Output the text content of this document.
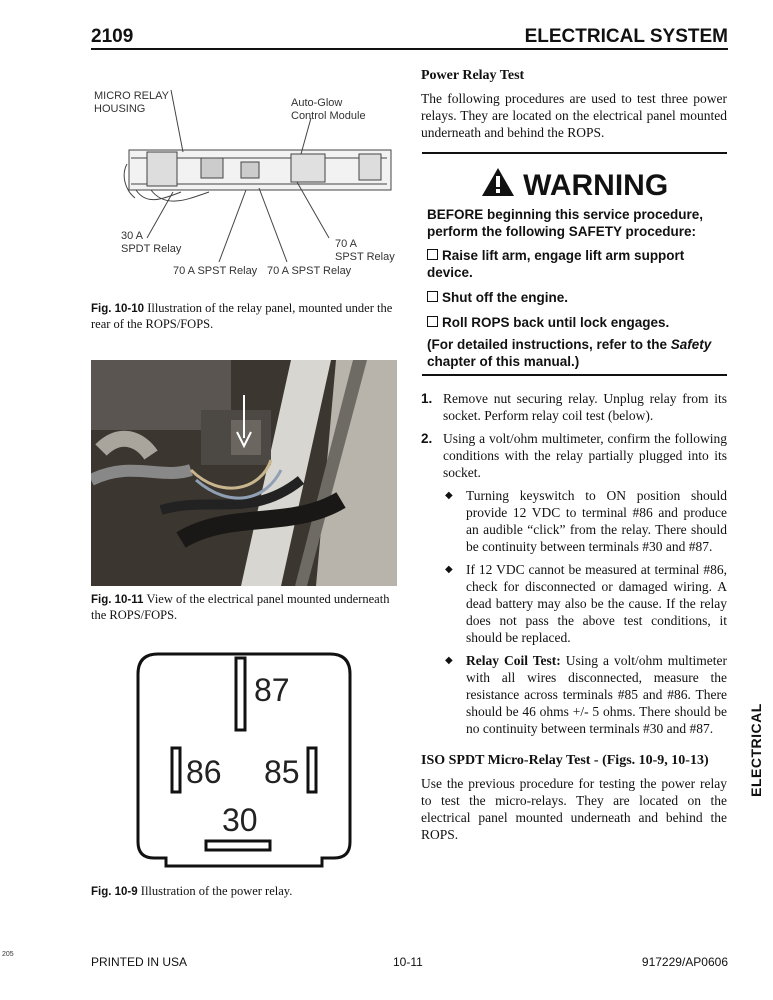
2109	ELECTRICAL SYSTEM
MICRO RELAY
HOUSING	Auto-Glow
Control Module
30 A
SPDT Relay	70 A
SPST Relay
70 A SPST Relay 70 A SPST Relay
Fig. 10-10 Illustration of the relay panel, mounted under the rear of the ROPS/FOPS.
Fig. 10-11 View of the electrical panel mounted underneath the ROPS/FOPS.
87
86 85
30
Fig. 10-9 Illustration of the power relay.
Power Relay Test

The following procedures are used to test three power relays. They are located on the electrical panel mounted underneath and behind the ROPS.

WARNING
BEFORE beginning this service procedure, perform the following SAFETY procedure:
Raise lift arm, engage lift arm support device.
Shut off the engine.
Roll ROPS back until lock engages.
(For detailed instructions, refer to the Safety chapter of this manual.)
1. Remove nut securing relay. Unplug relay from its socket. Perform relay coil test (below).
2. Using a volt/ohm multimeter, confirm the following conditions with the relay partially plugged into its socket.
◆ Turning keyswitch to ON position should provide 12 VDC to terminal #86 and produce an audible “click” from the relay. There should be continuity between terminals #30 and #87.
◆ If 12 VDC cannot be measured at terminal #86, check for disconnected or damaged wiring. A dead battery may also be the cause. If the relay does not pass the above test conditions, it should be replaced.
◆ Relay Coil Test: Using a volt/ohm multimeter with all wires disconnected, measure the resistance across terminals #85 and #86. There should be 46 ohms +/- 5 ohms. There should be no continuity between terminals #30 and #87.
ISO SPDT Micro-Relay Test - (Figs. 10-9, 10-13)

Use the previous procedure for testing the power relay to test the micro-relays. They are located on the electrical panel mounted underneath and behind the ROPS.

ELECTRICAL
PRINTED IN USA	10-11	917229/AP0606
205
